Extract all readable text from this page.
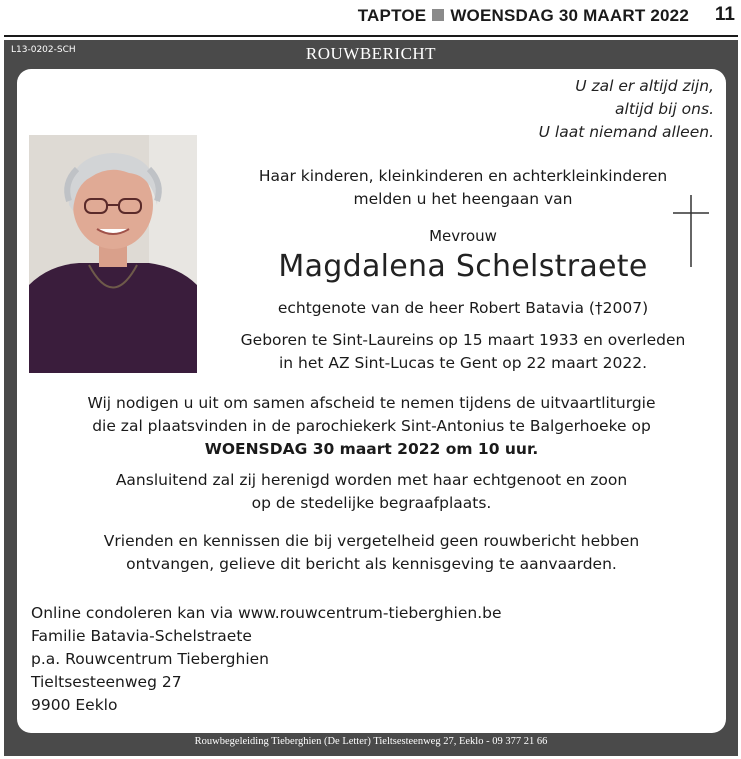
TAPTOE WOENSDAG 30 MAART 2022 11
L13-0202-SCH	ROUWBERICHT
U zal er altijd zijn,
altijd bij ons.
U laat niemand alleen.
Haar kinderen, kleinkinderen en achterkleinkinderen
melden u het heengaan van
Mevrouw
Magdalena Schelstraete
echtgenote van de heer Robert Batavia (†2007)
Geboren te Sint-Laureins op 15 maart 1933 en overleden
in het AZ Sint-Lucas te Gent op 22 maart 2022.
Wij nodigen u uit om samen afscheid te nemen tijdens de uitvaartliturgie
die zal plaatsvinden in de parochiekerk Sint-Antonius te Balgerhoeke op
WOENSDAG 30 maart 2022 om 10 uur.
Aansluitend zal zij herenigd worden met haar echtgenoot en zoon
op de stedelijke begraafplaats.
Vrienden en kennissen die bij vergetelheid geen rouwbericht hebben
ontvangen, gelieve dit bericht als kennisgeving te aanvaarden.
Online condoleren kan via www.rouwcentrum-tieberghien.be
Familie Batavia-Schelstraete
p.a. Rouwcentrum Tieberghien
Tieltsesteenweg 27
9900 Eeklo
Rouwbegeleiding Tieberghien (De Letter) Tieltsesteenweg 27, Eeklo - 09 377 21 66
